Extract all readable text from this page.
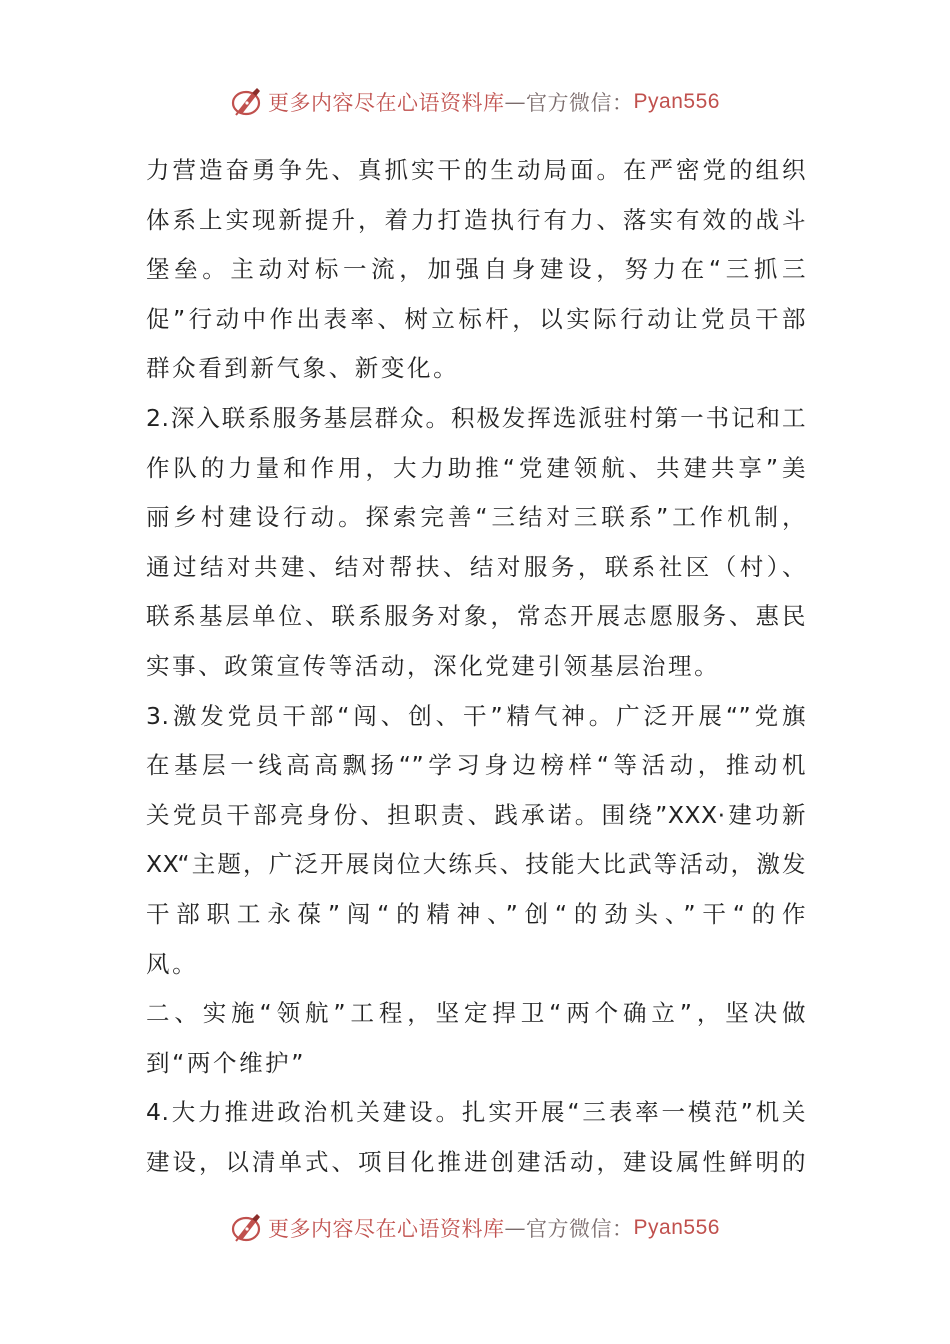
更多内容尽在心语资料库 — 官方微信： Pyan556
力营造奋勇争先、真抓实干的生动局面。在严密党的组织
体系上实现新提升，着力打造执行有力、落实有效的战斗
堡垒。主动对标一流，加强自身建设，努力在“三抓三
促”行动中作出表率、树立标杆，以实际行动让党员干部
群众看到新气象、新变化。
2.深入联系服务基层群众。积极发挥选派驻村第一书记和工
作队的力量和作用，大力助推“党建领航、共建共享”美
丽乡村建设行动。探索完善“三结对三联系”工作机制，
通过结对共建、结对帮扶、结对服务，联系社区（村）、
联系基层单位、联系服务对象，常态开展志愿服务、惠民
实事、政策宣传等活动，深化党建引领基层治理。
3.激发党员干部“闯、创、干”精气神。广泛开展“”党旗
在基层一线高高飘扬“”学习身边榜样“等活动，推动机
关党员干部亮身份、担职责、践承诺。围绕”XXX·建功新
XX“主题，广泛开展岗位大练兵、技能大比武等活动，激发
干部职工永葆”闯“的精神、”创“的劲头、”干“的作
风。
二、实施“领航”工程，坚定捍卫“两个确立”，坚决做
到“两个维护”
4.大力推进政治机关建设。扎实开展“三表率一模范”机关
建设，以清单式、项目化推进创建活动，建设属性鲜明的
更多内容尽在心语资料库 — 官方微信： Pyan556
